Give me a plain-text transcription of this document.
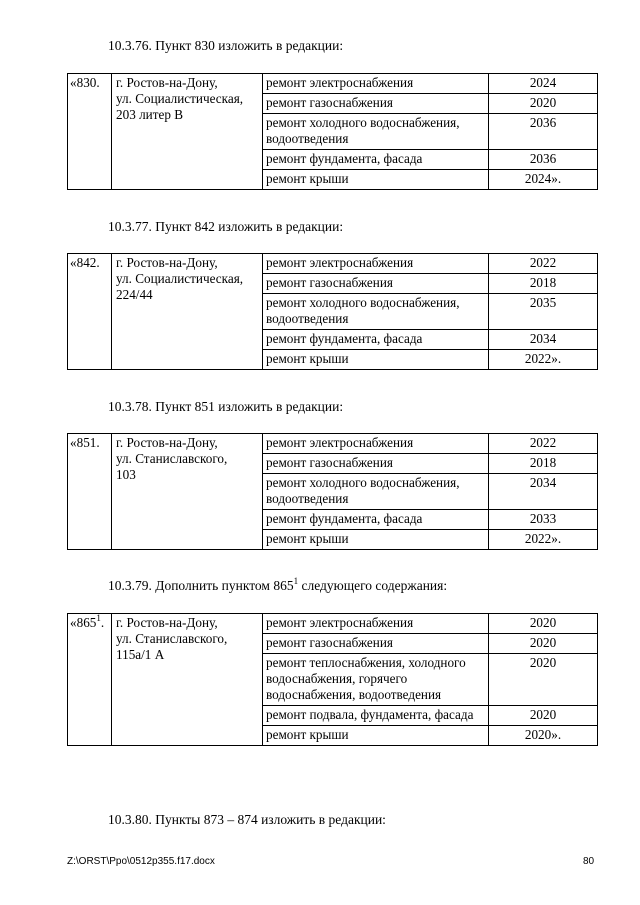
10.3.76. Пункт 830 изложить в редакции:
«830.	г. Ростов-на-Дону,
ул. Социалистическая,
203 литер В	ремонт электроснабжения	2024
		ремонт газоснабжения	2020
		ремонт холодного водоснабжения, водоотведения	2036
		ремонт фундамента, фасада	2036
		ремонт крыши	2024».
10.3.77. Пункт 842 изложить в редакции:
«842.	г. Ростов-на-Дону,
ул. Социалистическая,
224/44	ремонт электроснабжения	2022
		ремонт газоснабжения	2018
		ремонт холодного водоснабжения, водоотведения	2035
		ремонт фундамента, фасада	2034
		ремонт крыши	2022».
10.3.78. Пункт 851 изложить в редакции:
«851.	г. Ростов-на-Дону,
ул. Станиславского,
103	ремонт электроснабжения	2022
		ремонт газоснабжения	2018
		ремонт холодного водоснабжения, водоотведения	2034
		ремонт фундамента, фасада	2033
		ремонт крыши	2022».
10.3.79. Дополнить пунктом $865^1$ следующего содержания:
«$865^1$.	г. Ростов-на-Дону,
ул. Станиславского,
115а/1 А	ремонт электроснабжения	2020
		ремонт газоснабжения	2020
		ремонт теплоснабжения, холодного водоснабжения, горячего водоснабжения, водоотведения	2020
		ремонт подвала, фундамента, фасада	2020
		ремонт крыши	2020».
10.3.80. Пункты 873 – 874 изложить в редакции:
Z:\ORST\Ppo\0512p355.f17.docx	80
